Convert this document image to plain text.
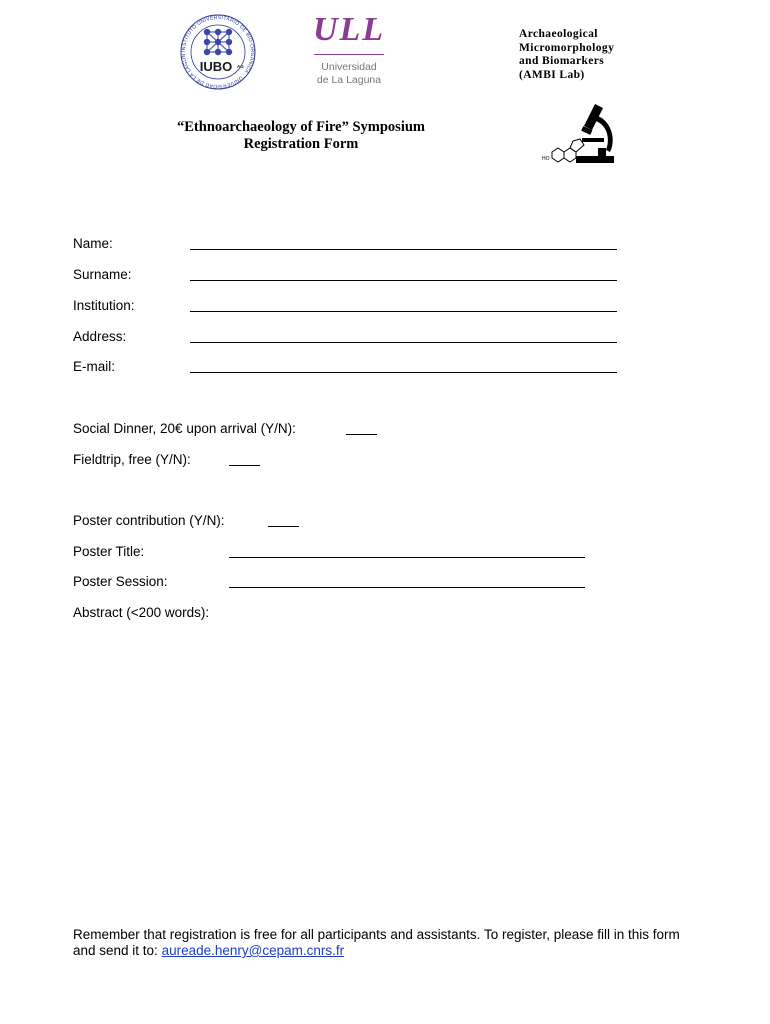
INSTITUTO UNIVERSITARIO DE BIO-ORGÁNICA · UNIVERSIDAD DE LA LAGUN
IUBO AG
ULL
Universidad
de La Laguna
Archaeological
Micromorphology
and Biomarkers
(AMBI Lab)
HO
“Ethnoarchaeology of Fire” Symposium
Registration Form
Name:
Surname:
Institution:
Address:
E-mail:
Social Dinner, 20€ upon arrival (Y/N):
Fieldtrip, free (Y/N):
Poster contribution (Y/N):
Poster Title:
Poster Session:
Abstract (<200 words):
Remember that registration is free for all participants and assistants. To register, please fill in this form and send it to: aureade.henry@cepam.cnrs.fr
